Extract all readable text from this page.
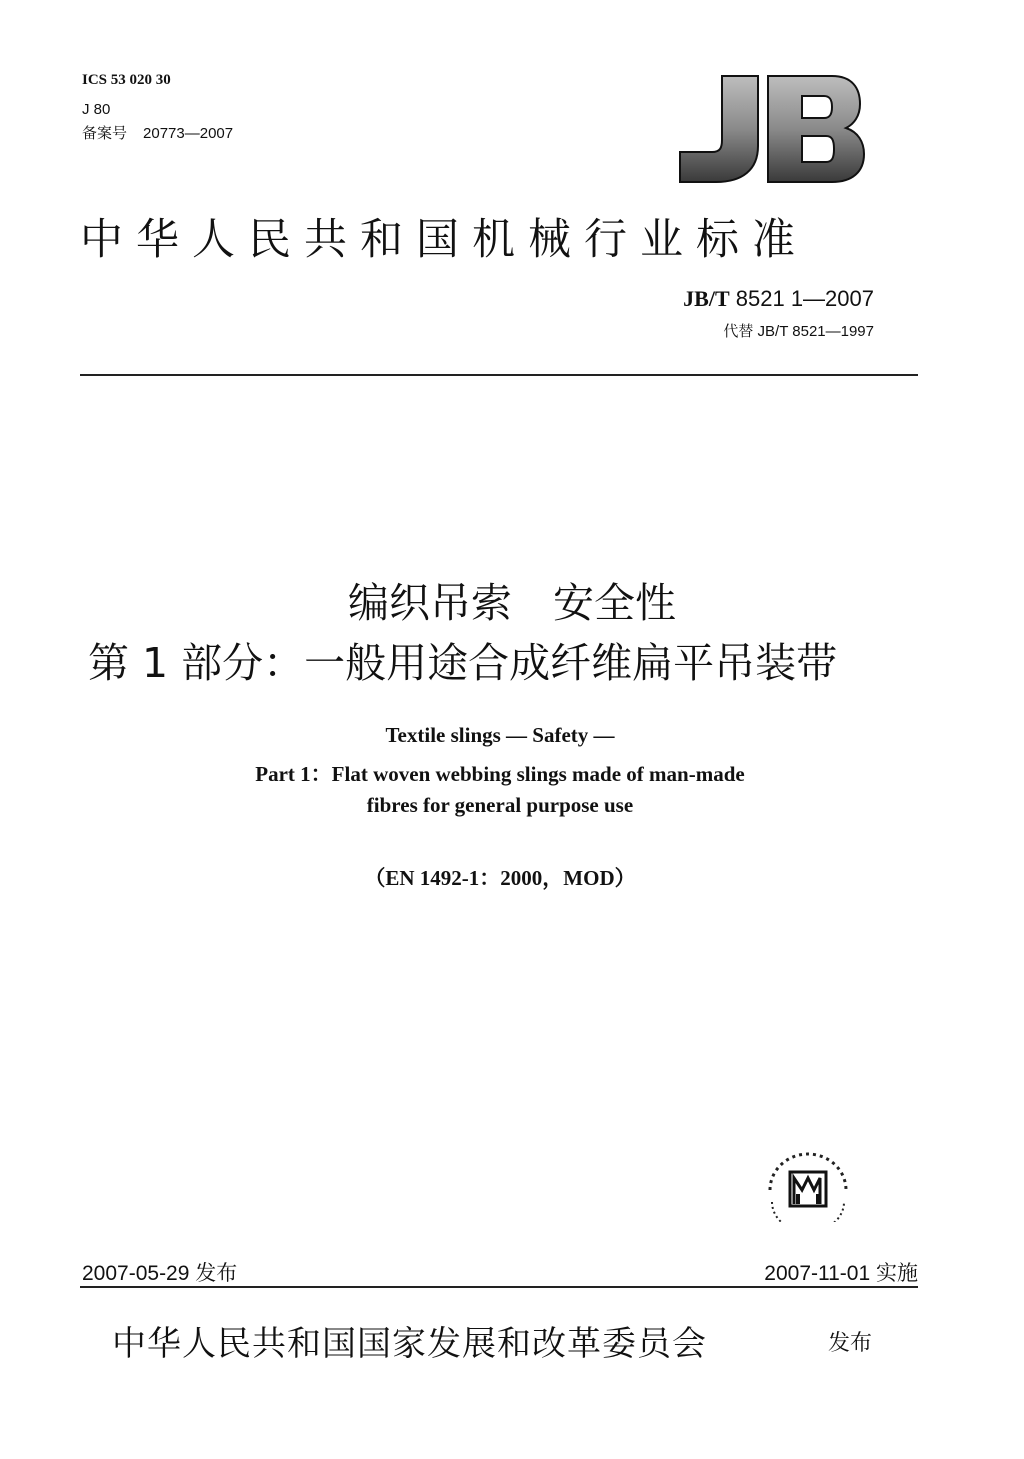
ICS 53 020 30
J 80
备案号 20773—2007
中华人民共和国机械行业标准
JB/T 8521 1—2007
代替 JB/T 8521—1997
编织吊索　安全性
第 1 部分：一般用途合成纤维扁平吊装带
Textile slings — Safety —
Part 1：Flat woven webbing slings made of man-made
fibres for general purpose use
（EN 1492-1：2000，MOD）
2007-05-29 发布	2007-11-01 实施
中华人民共和国国家发展和改革委员会	发布
